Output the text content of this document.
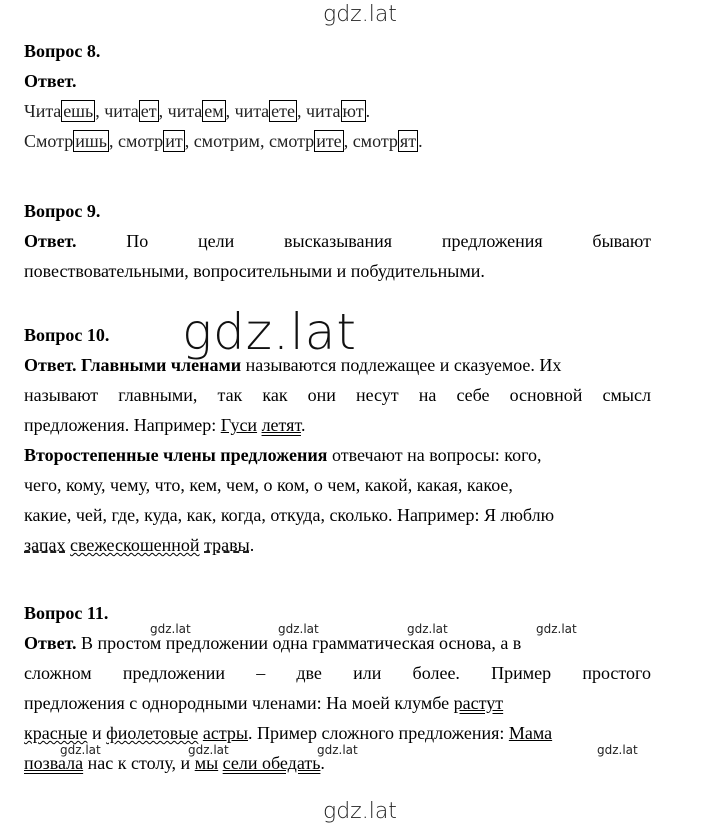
gdz.lat
gdz.lat
gdz.lat
gdz.lat	gdz.lat	gdz.lat	gdz.lat
gdz.lat	gdz.lat	gdz.lat	gdz.lat
Вопрос 8.
Ответ.
Читa ешь , читa ет , читa ем , читa ете , читa ют .
Смотр ишь , смотр ит , смотрим, смотр ите , смотр ят .
Вопрос 9.
Ответ.	По	цели	высказывания	предложения	бывают
повествовательными, вопросительными и побудительными.
Вопрос 10.
Ответ. Главными членами называются подлежащее и сказуемое. Их
называют главными, так как они несут на себе основной смысл
предложения. Например: Гуси летят.
Второстепенные члены предложения отвечают на вопросы: кого,
чего, кому, чему, что, кем, чем, о ком, о чем, какой, какая, какое,
какие, чей, где, куда, как, когда, откуда, сколько. Например: Я люблю
запах свежескошенной травы.
Вопрос 11.
Ответ. В простом предложении одна грамматическая основа, а в
сложном предложении – две или более. Пример простого
предложения с однородными членами: На моей клумбе растут
красные и фиолетовые астры. Пример сложного предложения: Мама
позвала нас к столу, и мы сели обедать.
